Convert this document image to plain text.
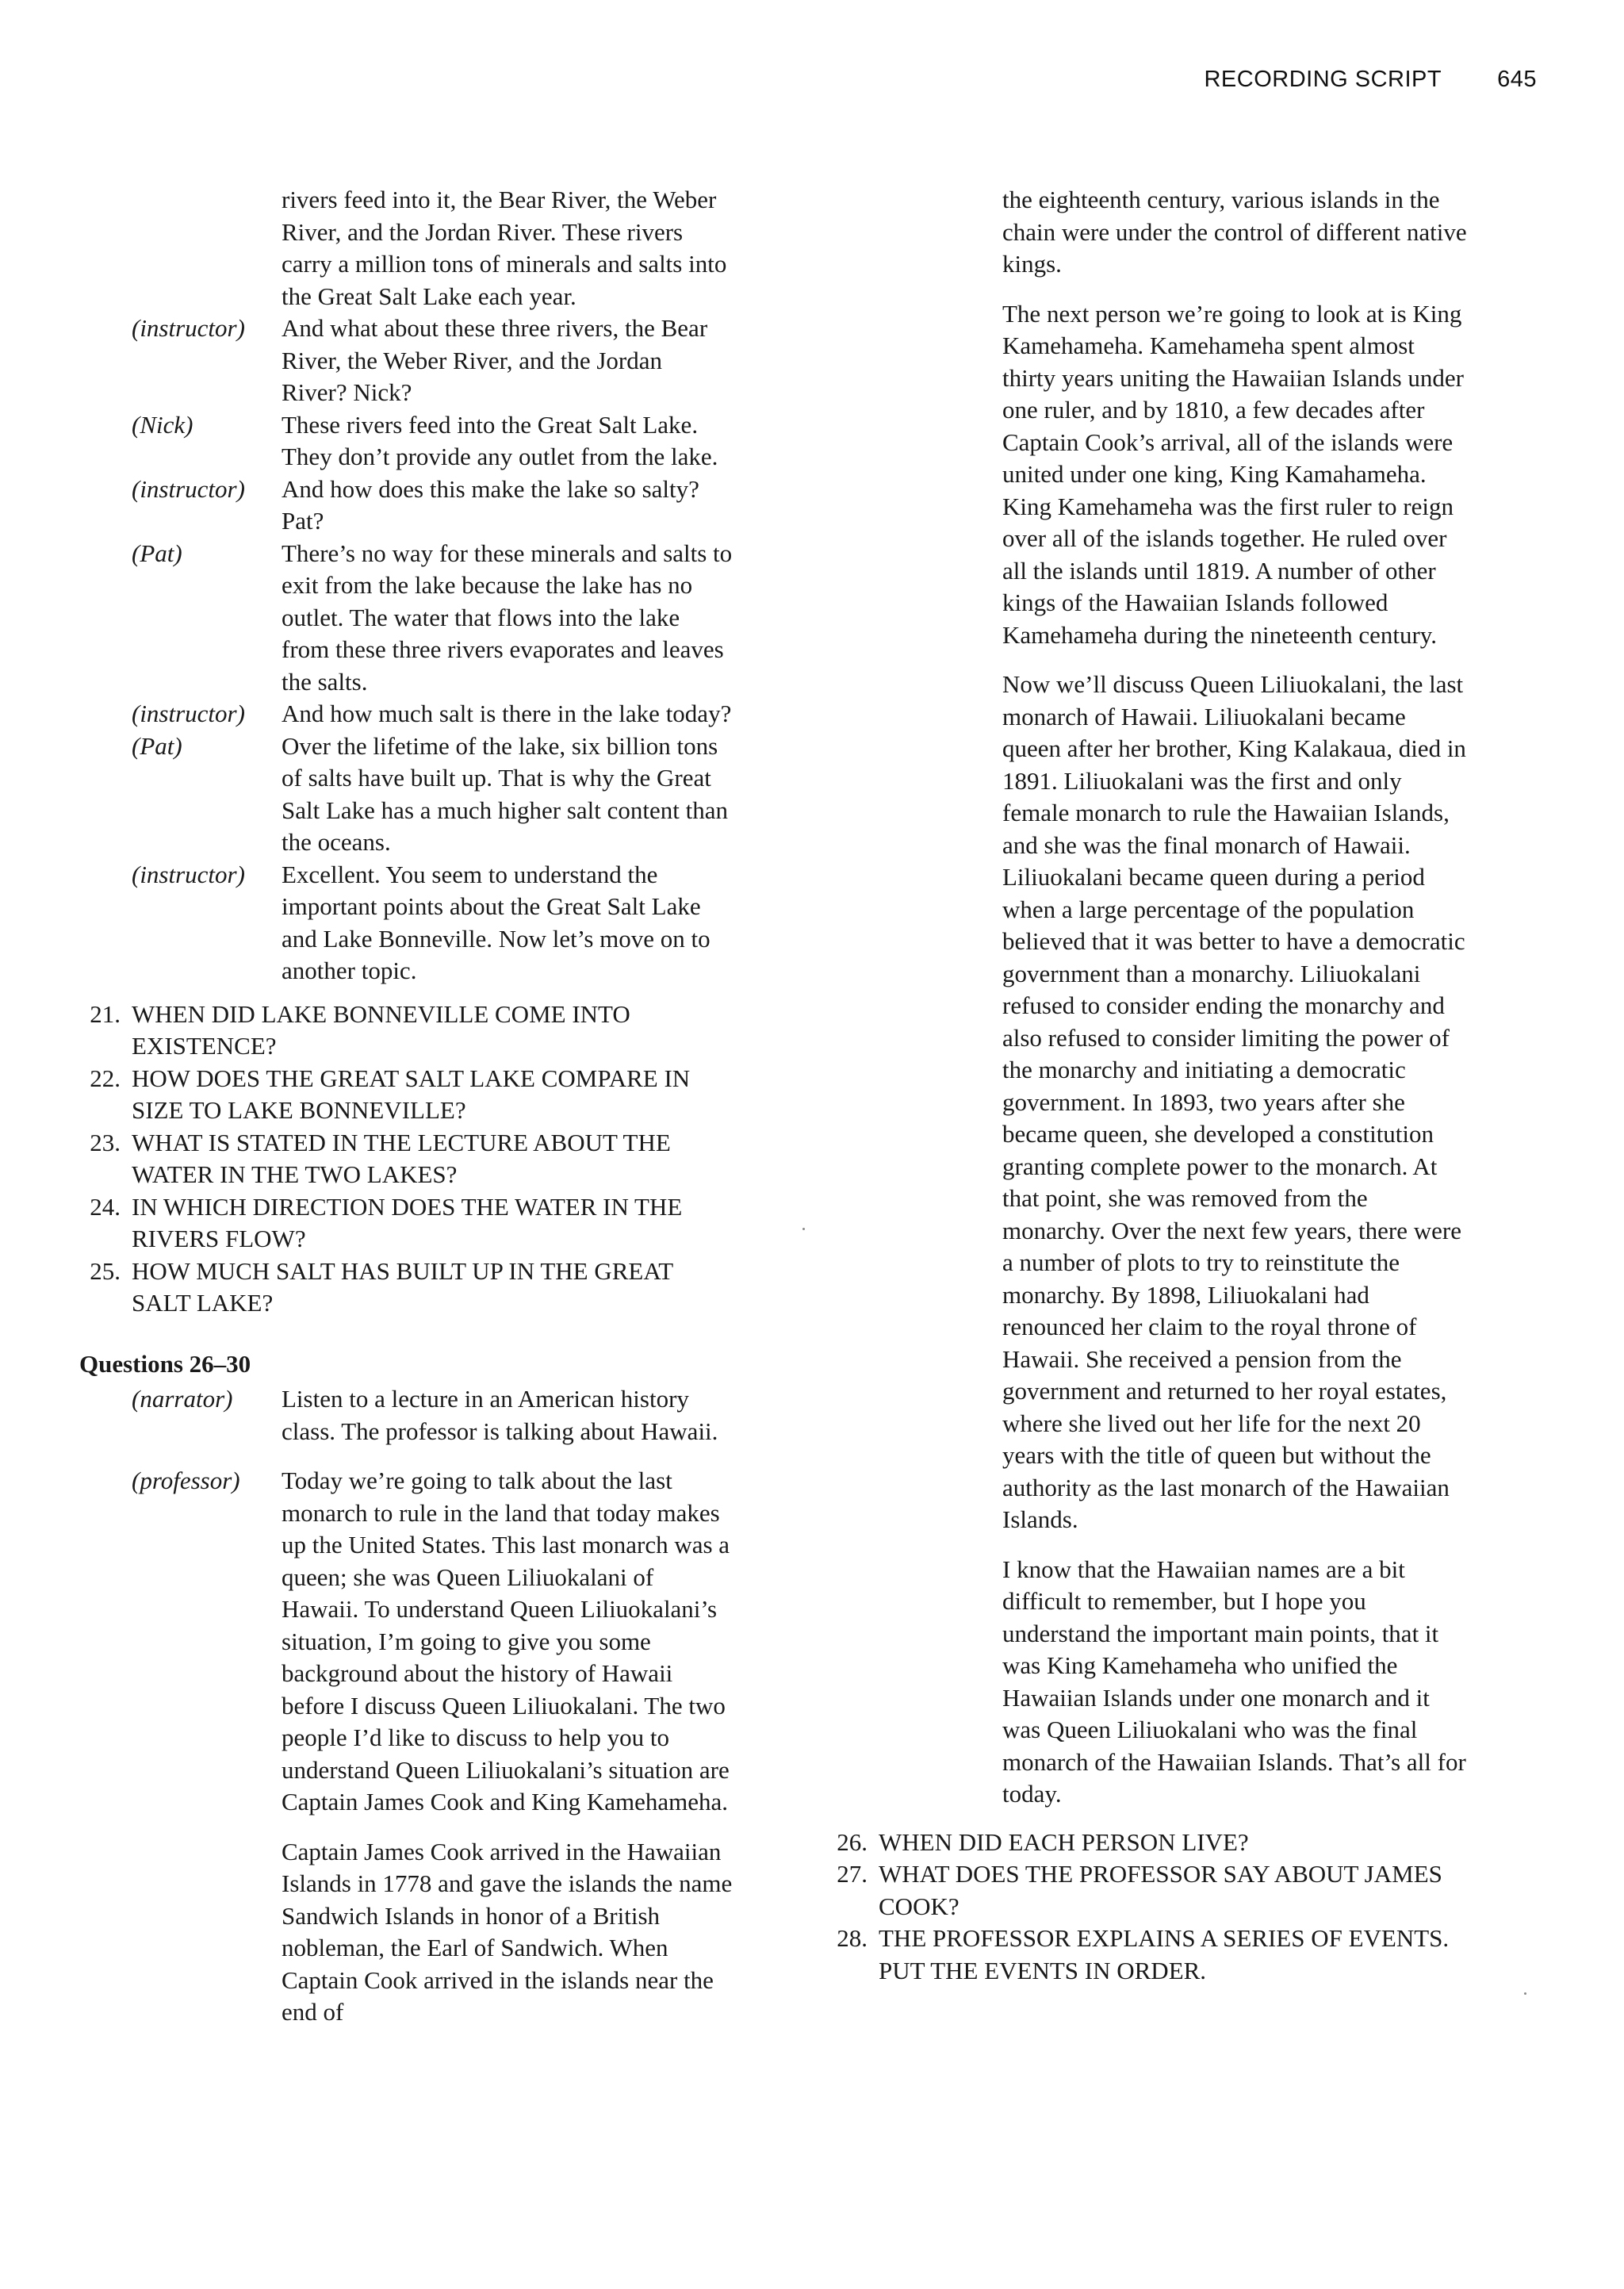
RECORDING SCRIPT 645
rivers feed into it, the Bear River, the Weber River, and the Jordan River. These rivers carry a million tons of minerals and salts into the Great Salt Lake each year.
(instructor)	And what about these three rivers, the Bear River, the Weber River, and the Jordan River? Nick?
(Nick)	These rivers feed into the Great Salt Lake. They don’t provide any outlet from the lake.
(instructor)	And how does this make the lake so salty? Pat?
(Pat)	There’s no way for these minerals and salts to exit from the lake because the lake has no outlet. The water that flows into the lake from these three rivers evaporates and leaves the salts.
(instructor)	And how much salt is there in the lake today?
(Pat)	Over the lifetime of the lake, six billion tons of salts have built up. That is why the Great Salt Lake has a much higher salt content than the oceans.
(instructor)	Excellent. You seem to understand the important points about the Great Salt Lake and Lake Bonneville. Now let’s move on to another topic.
21. WHEN DID LAKE BONNEVILLE COME INTO EXISTENCE?
22. HOW DOES THE GREAT SALT LAKE COMPARE IN SIZE TO LAKE BONNEVILLE?
23. WHAT IS STATED IN THE LECTURE ABOUT THE WATER IN THE TWO LAKES?
24. IN WHICH DIRECTION DOES THE WATER IN THE RIVERS FLOW?
25. HOW MUCH SALT HAS BUILT UP IN THE GREAT SALT LAKE?
Questions 26–30
(narrator)	Listen to a lecture in an American history class. The professor is talking about Hawaii.
(professor)	Today we’re going to talk about the last monarch to rule in the land that today makes up the United States. This last monarch was a queen; she was Queen Liliuokalani of Hawaii. To understand Queen Liliuokalani’s situation, I’m going to give you some background about the history of Hawaii before I discuss Queen Liliuokalani. The two people I’d like to discuss to help you to understand Queen Liliuokalani’s situation are Captain James Cook and King Kamehameha.

Captain James Cook arrived in the Hawaiian Islands in 1778 and gave the islands the name Sandwich Islands in honor of a British nobleman, the Earl of Sandwich. When Captain Cook arrived in the islands near the end of

the eighteenth century, various islands in the chain were under the control of different native kings.

The next person we’re going to look at is King Kamehameha. Kamehameha spent almost thirty years uniting the Hawaiian Islands under one ruler, and by 1810, a few decades after Captain Cook’s arrival, all of the islands were united under one king, King Kamahameha. King Kamehameha was the first ruler to reign over all of the islands together. He ruled over all the islands until 1819. A number of other kings of the Hawaiian Islands followed Kamehameha during the nineteenth century.

Now we’ll discuss Queen Liliuokalani, the last monarch of Hawaii. Liliuokalani became queen after her brother, King Kalakaua, died in 1891. Liliuokalani was the first and only female monarch to rule the Hawaiian Islands, and she was the final monarch of Hawaii. Liliuokalani became queen during a period when a large percentage of the population believed that it was better to have a democratic government than a monarchy. Liliuokalani refused to consider ending the monarchy and also refused to consider limiting the power of the monarchy and initiating a democratic government. In 1893, two years after she became queen, she developed a constitution granting complete power to the monarch. At that point, she was removed from the monarchy. Over the next few years, there were a number of plots to try to reinstitute the monarchy. By 1898, Liliuokalani had renounced her claim to the royal throne of Hawaii. She received a pension from the government and returned to her royal estates, where she lived out her life for the next 20 years with the title of queen but without the authority as the last monarch of the Hawaiian Islands.

I know that the Hawaiian names are a bit difficult to remember, but I hope you understand the important main points, that it was King Kamehameha who unified the Hawaiian Islands under one monarch and it was Queen Liliuokalani who was the final monarch of the Hawaiian Islands. That’s all for today.

26. WHEN DID EACH PERSON LIVE?
27. WHAT DOES THE PROFESSOR SAY ABOUT JAMES COOK?
28. THE PROFESSOR EXPLAINS A SERIES OF EVENTS. PUT THE EVENTS IN ORDER.
